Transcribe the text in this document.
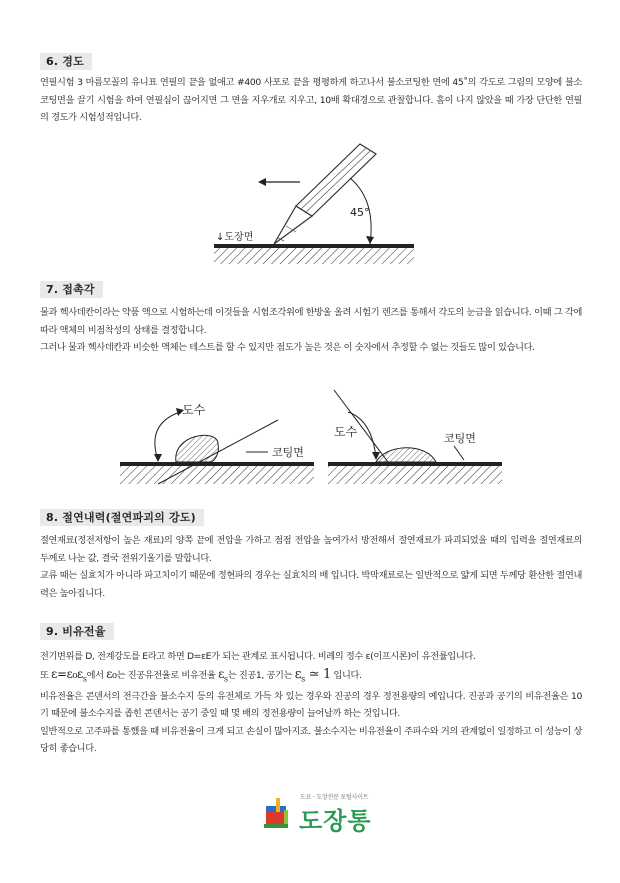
6. 경도

연필시험 3 마름모꼴의 유니표 연필의 끝을 없애고 #400 사포로 끝을 평평하게 하고나서 불소코팅한 면에 45˚의 각도로 그림의 모양에 불소코팅면을 끌기 시험을 하여 연필심이 끊어지면 그 면을 지우개로 지우고, 10배 확대경으로 관찰합니다. 흠이 나지 않았을 때 가장 단단한 연필의 경도가 시험성적입니다.

45°
↓도장면
7. 접촉각

물과 헥사데칸이라는 약품 액으로 시험하는데 이것들을 시험조각위에 한방울 올려 시험기 렌즈를 통해서 각도의 눈금을 읽습니다. 이때 그 각에 따라 액체의 비점착성의 상태를 결정합니다.

그러나 물과 헥사데칸과 비슷한 액체는 테스트를 할 수 있지만 점도가 높은 것은 이 숫자에서 추정할 수 없는 것들도 많이 있습니다.

도수
코팅면
도수	코팅면
8. 절연내력(절연파괴의 강도)

절연재료(정전저항이 높은 재료)의 양쪽 끝에 전압을 가하고 점점 전압을 높여가서 방전해서 절연재료가 파괴되었을 때의 입력을 절연재료의 두께로 나눈 값, 결국 전위기울기를 말합니다.

교류 때는 실효치가 아니라 파고치이기 때문에 정현파의 경우는 실효치의 배 입니다. 박막재료로는 일반적으로 얇게 되면 두께당 환산한 절연내력은 높아집니다.

9. 비유전율

전기변위를 D, 전계강도를 E라고 하면 D=εE가 되는 관계로 표시됩니다. 비례의 정수 ε(이프시론)이 유전률입니다.

또 $\varepsilon=\varepsilon_0\varepsilon_s$에서 ε₀는 진공유전율로 비유전율 $\varepsilon_s$는 진공1, 공기는 $\varepsilon_s$ ≃ 1 입니다.

비유전율은 콘덴서의 전극간을 불소수지 등의 유전체로 가득 차 있는 경우와 진공의 경우 정전용량의 예입니다. 진공과 공기의 비유전율은 10기 때문에 불소수지를 좁힌 콘덴서는 공기 중일 때 몇 배의 정전용량이 늘어날까 하는 것입니다.

일반적으로 고주파를 통했을 때 비유전율이 크게 되고 손실이 많아지죠. 불소수지는 비유전율이 주파수와 거의 관계없이 일정하고 이 성능이 상당히 좋습니다.

도료 · 도장전문 포털사이트
도장통
